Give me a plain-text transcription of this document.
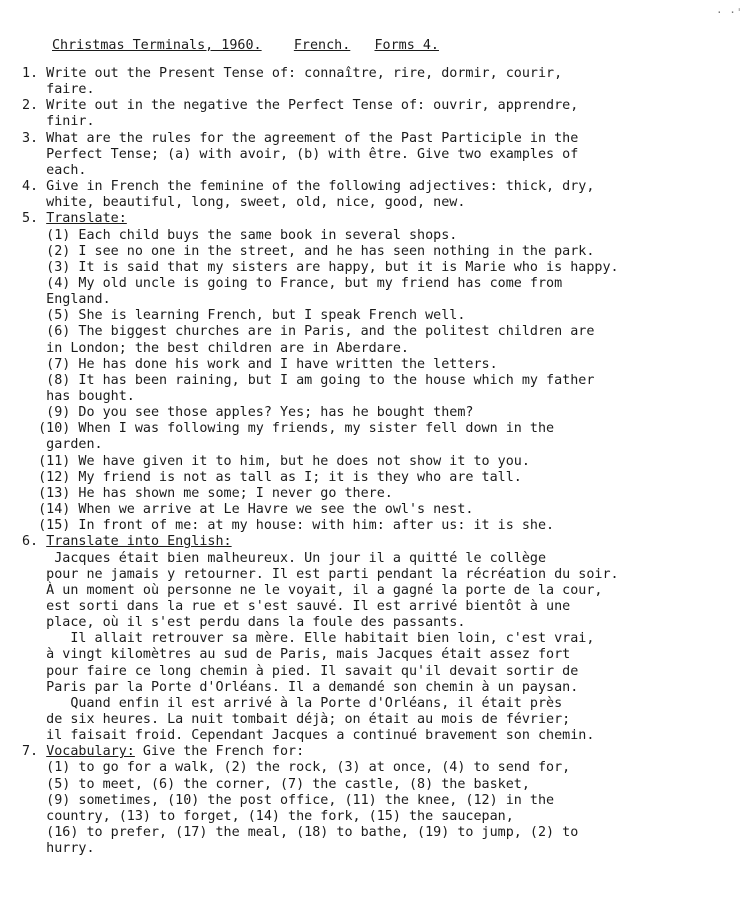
· ·ˈ
Christmas Terminals, 1960. French. Forms 4.
1. Write out the Present Tense of: connaître, rire, dormir, courir,
faire.
2. Write out in the negative the Perfect Tense of: ouvrir, apprendre,
finir.
3. What are the rules for the agreement of the Past Participle in the
Perfect Tense; (a) with avoir, (b) with être. Give two examples of
each.
4. Give in French the feminine of the following adjectives: thick, dry,
white, beautiful, long, sweet, old, nice, good, new.
5. Translate:
(1) Each child buys the same book in several shops.
(2) I see no one in the street, and he has seen nothing in the park.
(3) It is said that my sisters are happy, but it is Marie who is happy.
(4) My old uncle is going to France, but my friend has come from
England.
(5) She is learning French, but I speak French well.
(6) The biggest churches are in Paris, and the politest children are
in London; the best children are in Aberdare.
(7) He has done his work and I have written the letters.
(8) It has been raining, but I am going to the house which my father
has bought.
(9) Do you see those apples? Yes; has he bought them?
(10) When I was following my friends, my sister fell down in the
garden.
(11) We have given it to him, but he does not show it to you.
(12) My friend is not as tall as I; it is they who are tall.
(13) He has shown me some; I never go there.
(14) When we arrive at Le Havre we see the owl's nest.
(15) In front of me: at my house: with him: after us: it is she.
6. Translate into English:
Jacques était bien malheureux. Un jour il a quitté le collège
pour ne jamais y retourner. Il est parti pendant la récréation du soir.
À un moment où personne ne le voyait, il a gagné la porte de la cour,
est sorti dans la rue et s'est sauvé. Il est arrivé bientôt à une
place, où il s'est perdu dans la foule des passants.
Il allait retrouver sa mère. Elle habitait bien loin, c'est vrai,
à vingt kilomètres au sud de Paris, mais Jacques était assez fort
pour faire ce long chemin à pied. Il savait qu'il devait sortir de
Paris par la Porte d'Orléans. Il a demandé son chemin à un paysan.
Quand enfin il est arrivé à la Porte d'Orléans, il était près
de six heures. La nuit tombait déjà; on était au mois de février;
il faisait froid. Cependant Jacques a continué bravement son chemin.
7. Vocabulary: Give the French for:
(1) to go for a walk, (2) the rock, (3) at once, (4) to send for,
(5) to meet, (6) the corner, (7) the castle, (8) the basket,
(9) sometimes, (10) the post office, (11) the knee, (12) in the
country, (13) to forget, (14) the fork, (15) the saucepan,
(16) to prefer, (17) the meal, (18) to bathe, (19) to jump, (2) to
hurry.
